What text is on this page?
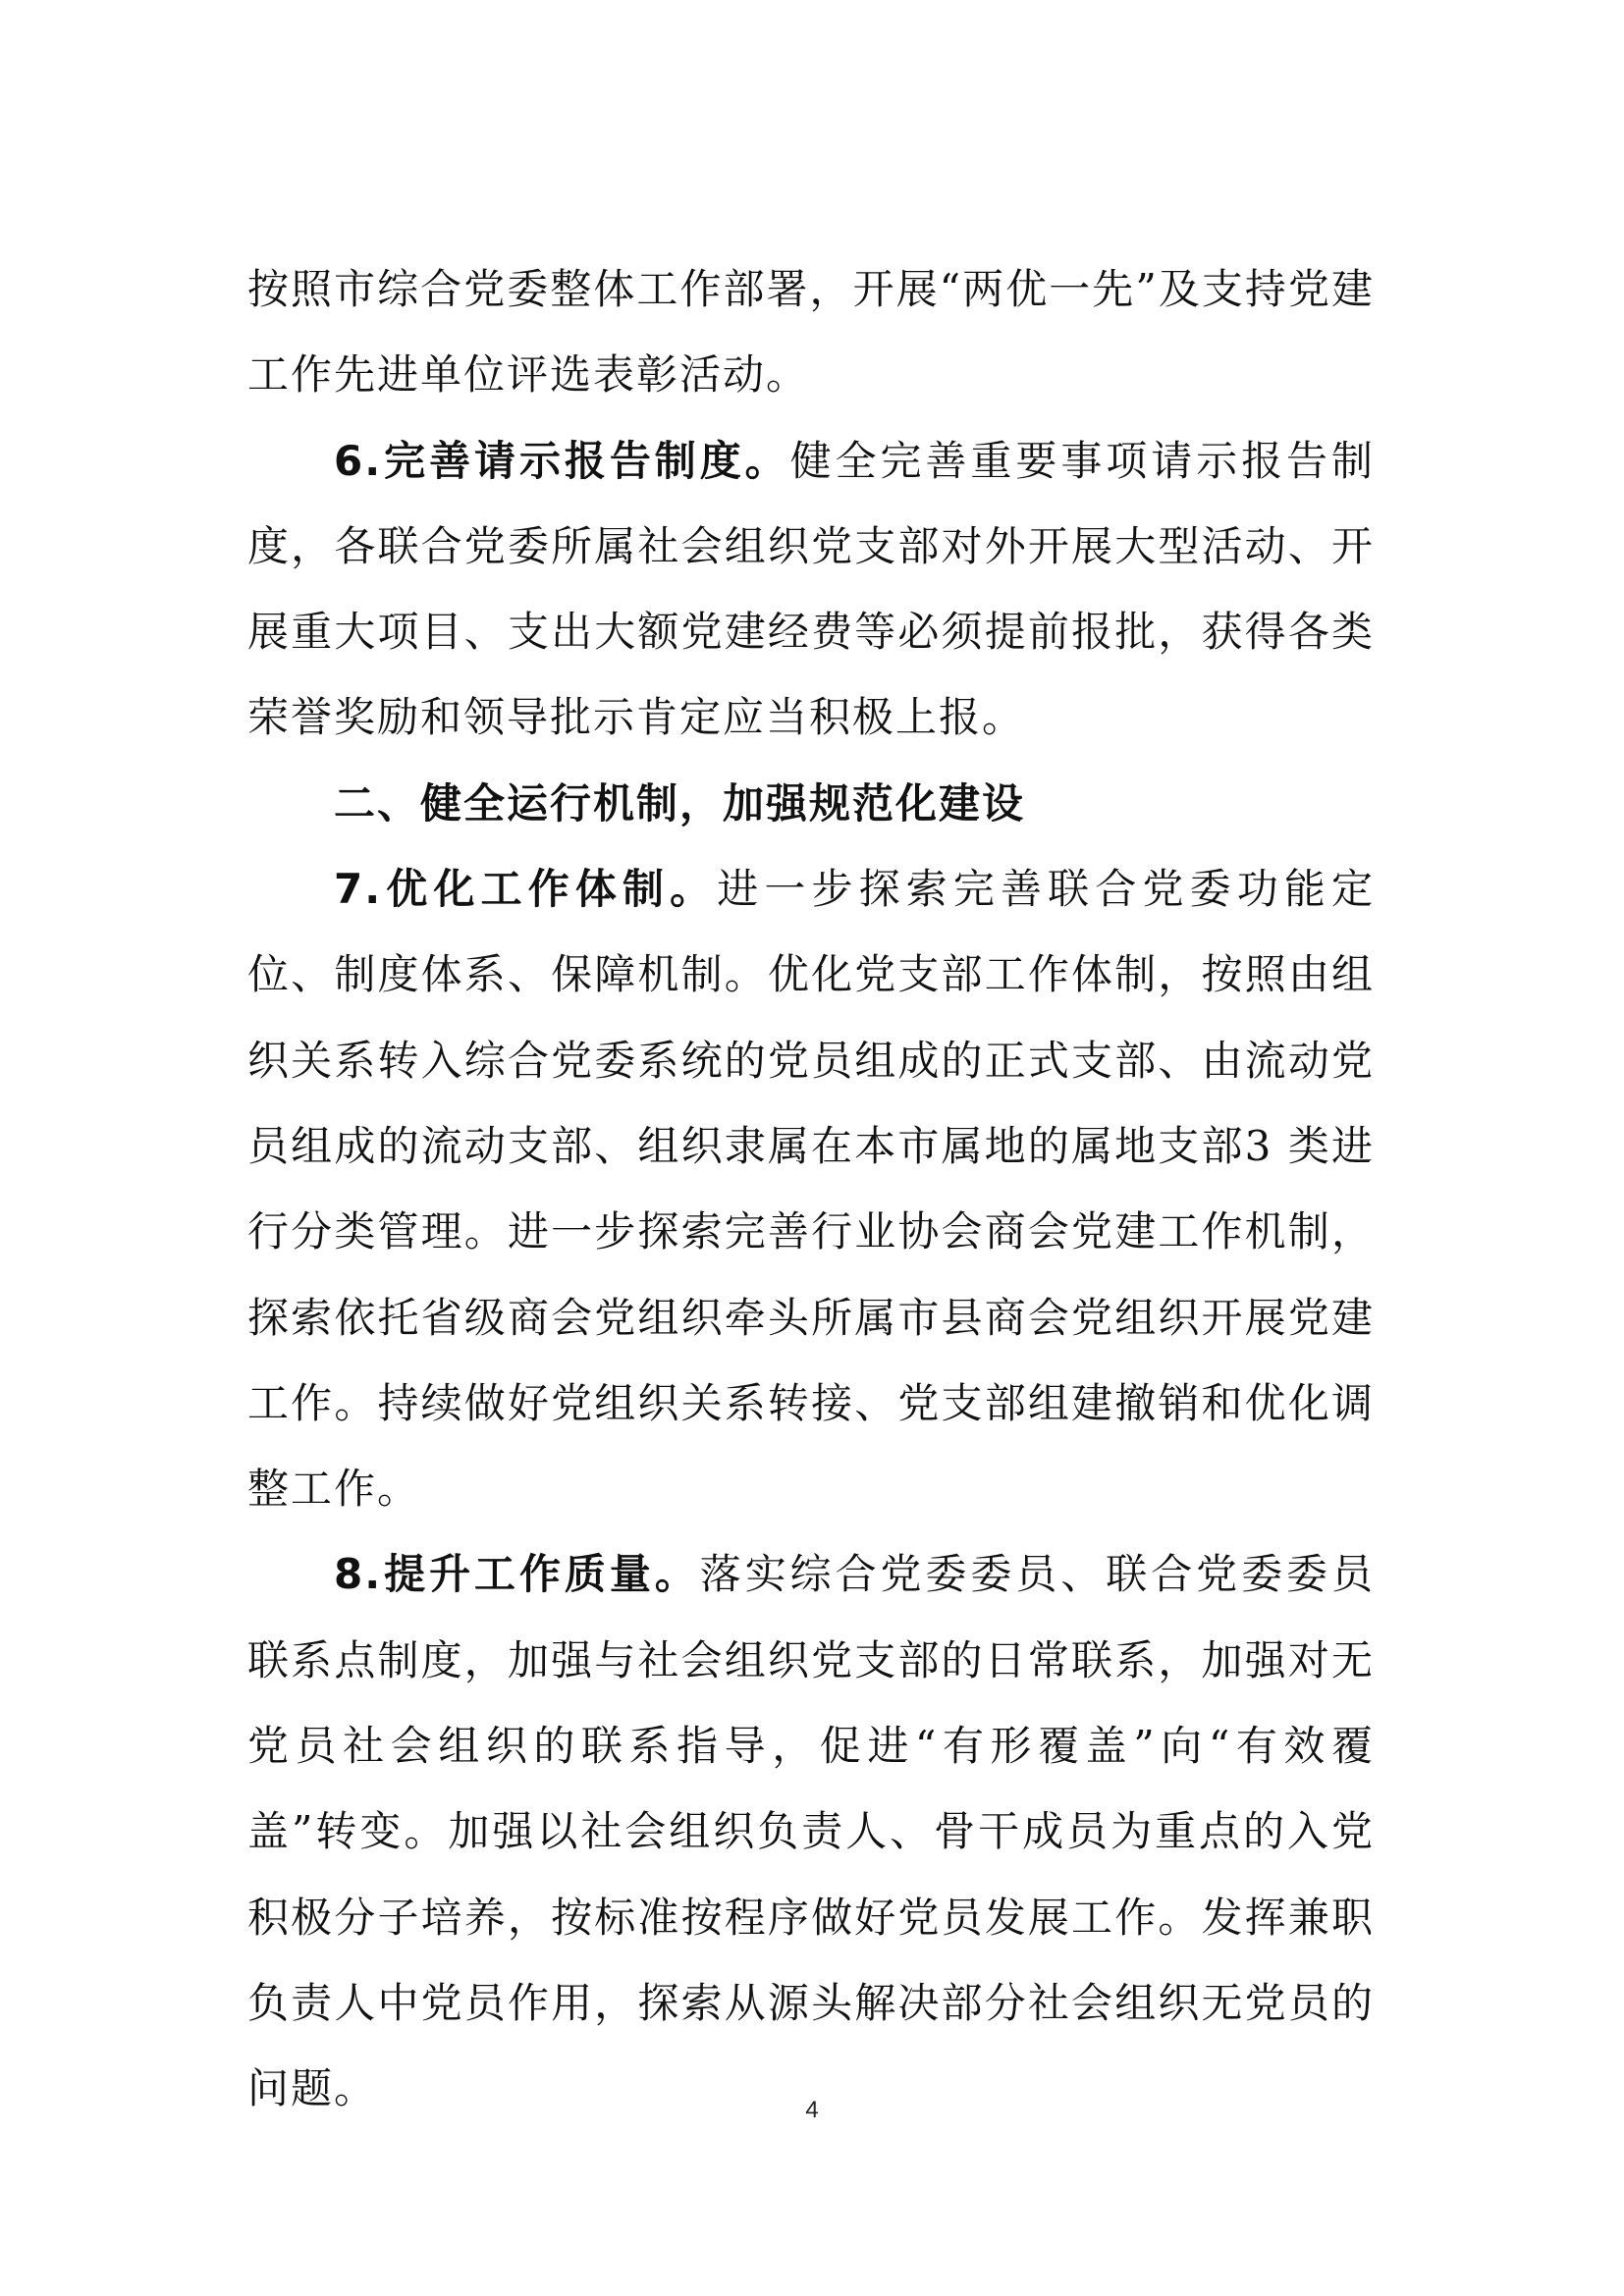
按照市综合党委整体工作部署，开展“两优一先”及支持党建工作先进单位评选表彰活动。

6.完善请示报告制度。健全完善重要事项请示报告制度，各联合党委所属社会组织党支部对外开展大型活动、开展重大项目、支出大额党建经费等必须提前报批，获得各类荣誉奖励和领导批示肯定应当积极上报。

二、健全运行机制，加强规范化建设

7.优化工作体制。进一步探索完善联合党委功能定位、制度体系、保障机制。优化党支部工作体制，按照由组织关系转入综合党委系统的党员组成的正式支部、由流动党员组成的流动支部、组织隶属在本市属地的属地支部3 类进行分类管理。进一步探索完善行业协会商会党建工作机制，探索依托省级商会党组织牵头所属市县商会党组织开展党建工作。持续做好党组织关系转接、党支部组建撤销和优化调整工作。

8.提升工作质量。落实综合党委委员、联合党委委员联系点制度，加强与社会组织党支部的日常联系，加强对无党员社会组织的联系指导，促进“有形覆盖”向“有效覆盖”转变。加强以社会组织负责人、骨干成员为重点的入党积极分子培养，按标准按程序做好党员发展工作。发挥兼职负责人中党员作用，探索从源头解决部分社会组织无党员的问题。	4
